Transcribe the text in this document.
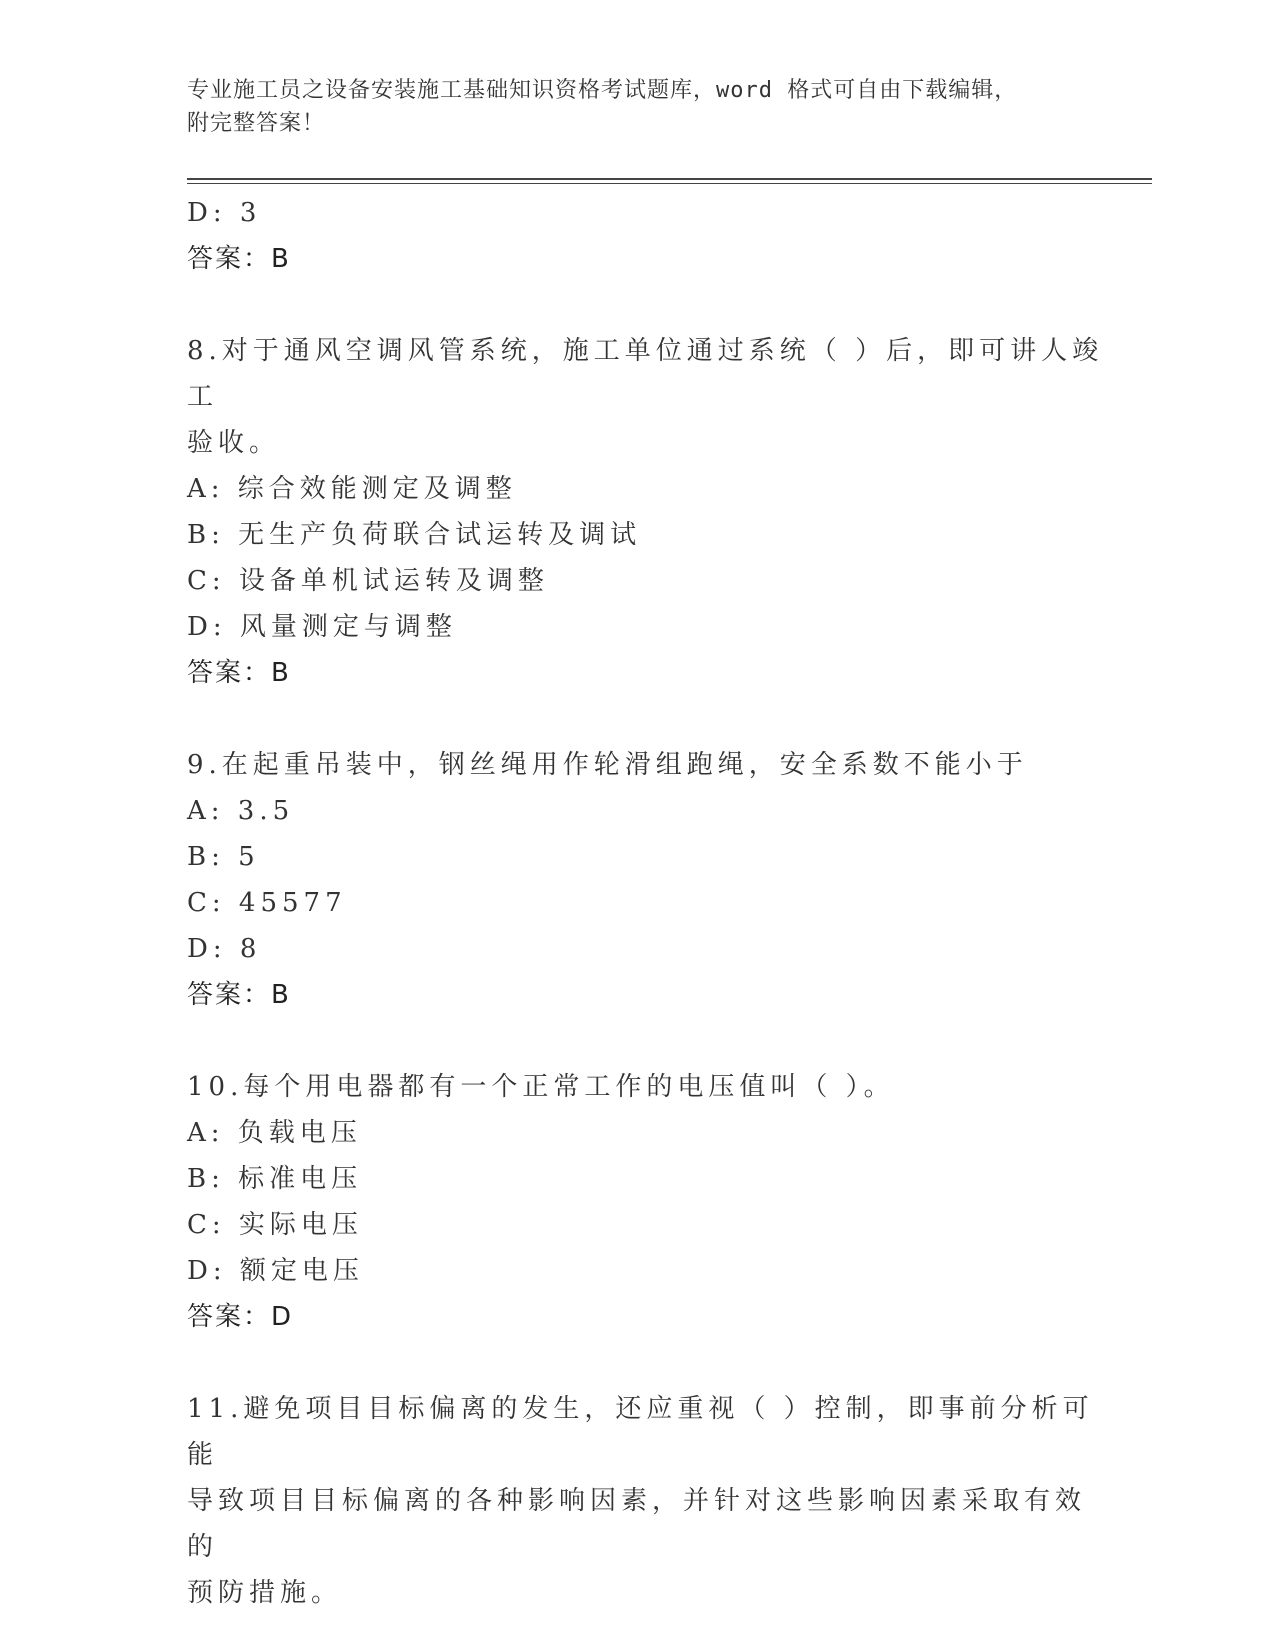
专业施工员之设备安装施工基础知识资格考试题库，word 格式可自由下载编辑，
附完整答案！
D: 3
答案：B
8.对于通风空调风管系统，施工单位通过系统（ ）后，即可讲人竣工
验收。
A: 综合效能测定及调整
B: 无生产负荷联合试运转及调试
C: 设备单机试运转及调整
D: 风量测定与调整
答案：B
9.在起重吊装中，钢丝绳用作轮滑组跑绳，安全系数不能小于
A: 3.5
B: 5
C: 45577
D: 8
答案：B
10.每个用电器都有一个正常工作的电压值叫（ ）。
A: 负载电压
B: 标准电压
C: 实际电压
D: 额定电压
答案：D
11.避免项目目标偏离的发生，还应重视（ ）控制，即事前分析可能
导致项目目标偏离的各种影响因素，并针对这些影响因素采取有效的
预防措施。
